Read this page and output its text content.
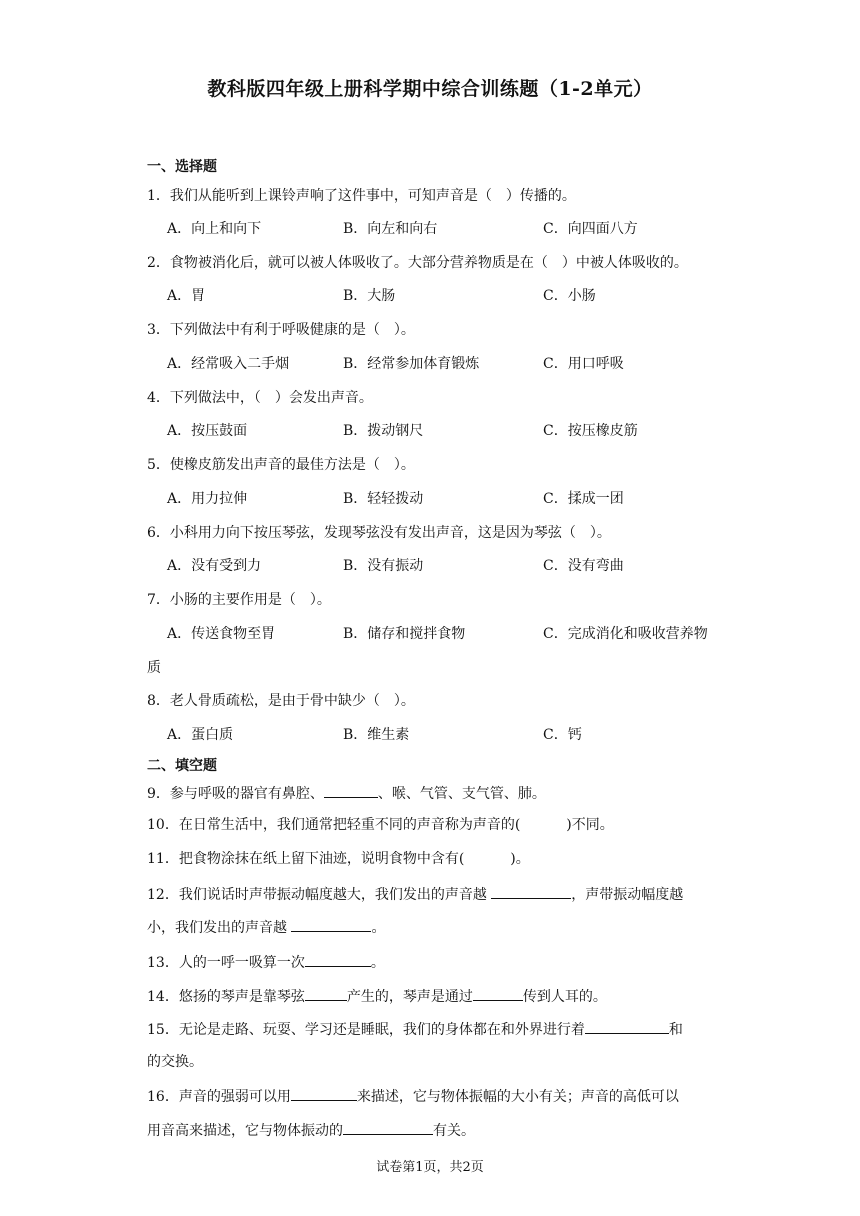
教科版四年级上册科学期中综合训练题（1-2单元）
一、选择题
1．我们从能听到上课铃声响了这件事中，可知声音是（　）传播的。
A．向上和向下	B．向左和向右	C．向四面八方
2．食物被消化后，就可以被人体吸收了。大部分营养物质是在（　）中被人体吸收的。
A．胃	B．大肠	C．小肠
3．下列做法中有利于呼吸健康的是（　）。
A．经常吸入二手烟	B．经常参加体育锻炼	C．用口呼吸
4．下列做法中，（　）会发出声音。
A．按压鼓面	B．拨动钢尺	C．按压橡皮筋
5．使橡皮筋发出声音的最佳方法是（　）。
A．用力拉伸	B．轻轻拨动	C．揉成一团
6．小科用力向下按压琴弦，发现琴弦没有发出声音，这是因为琴弦（　）。
A．没有受到力	B．没有振动	C．没有弯曲
7．小肠的主要作用是（　）。
A．传送食物至胃	B．储存和搅拌食物	C．完成消化和吸收营养物
质
8．老人骨质疏松，是由于骨中缺少（　）。
A．蛋白质	B．维生素	C．钙
二、填空题
9．参与呼吸的器官有鼻腔、	、喉、气管、支气管、肺。
10．在日常生活中，我们通常把轻重不同的声音称为声音的(	)不同。
11．把食物涂抹在纸上留下油迹，说明食物中含有(	)。
12．我们说话时声带振动幅度越大，我们发出的声音越	，声带振动幅度越
小，我们发出的声音越	。
13．人的一呼一吸算一次	。
14．悠扬的琴声是靠琴弦	产生的，琴声是通过	传到人耳的。
15．无论是走路、玩耍、学习还是睡眠，我们的身体都在和外界进行着	和
的交换。
16．声音的强弱可以用	来描述，它与物体振幅的大小有关；声音的高低可以
用音高来描述，它与物体振动的	有关。
试卷第1页，共2页
